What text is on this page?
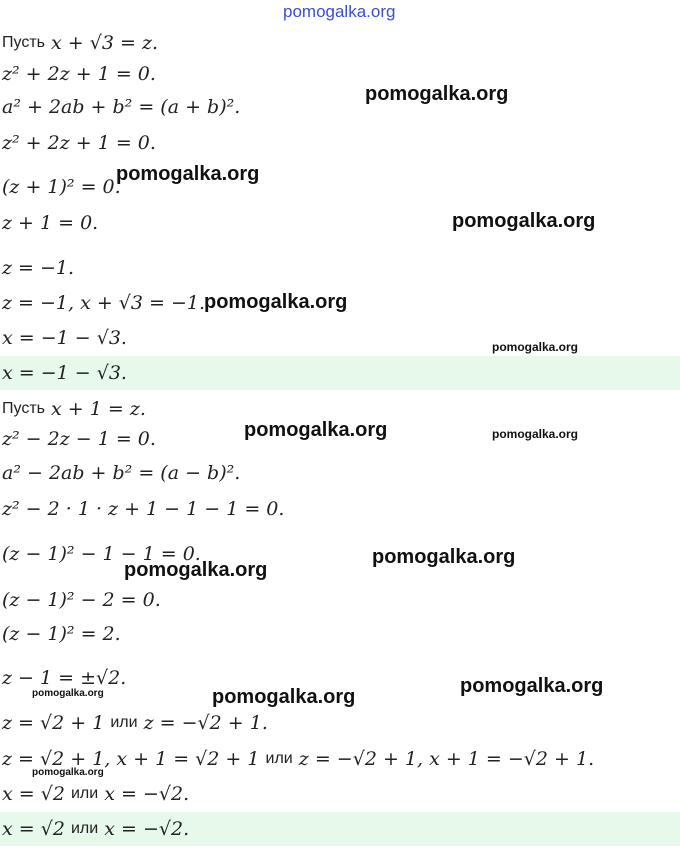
pomogalka.org
Пусть
x + √3 = z.
z² + 2z + 1 = 0.
a² + 2ab + b² = (a + b)².
z² + 2z + 1 = 0.
(z + 1)² = 0.
z + 1 = 0.
z = −1.
z = −1, x + √3 = −1.
x = −1 − √3.
x = −1 − √3.
Пусть
x + 1 = z.
z² − 2z − 1 = 0.
a² − 2ab + b² = (a − b)².
z² − 2 · 1 · z + 1 − 1 − 1 = 0.
(z − 1)² − 1 − 1 = 0.
(z − 1)² − 2 = 0.
(z − 1)² = 2.
z − 1 = ±√2.
z = √2 + 1
или
z = −√2 + 1.
z = √2 + 1, x + 1 = √2 + 1
или
z = −√2 + 1, x + 1 = −√2 + 1.
x = √2
или
x = −√2.
x = √2
или
x = −√2.
pomogalka.org
pomogalka.org
pomogalka.org
pomogalka.org
pomogalka.org
pomogalka.org	pomogalka.org
pomogalka.org
pomogalka.org
pomogalka.org
pomogalka.org	pomogalka.org
pomogalka.org
